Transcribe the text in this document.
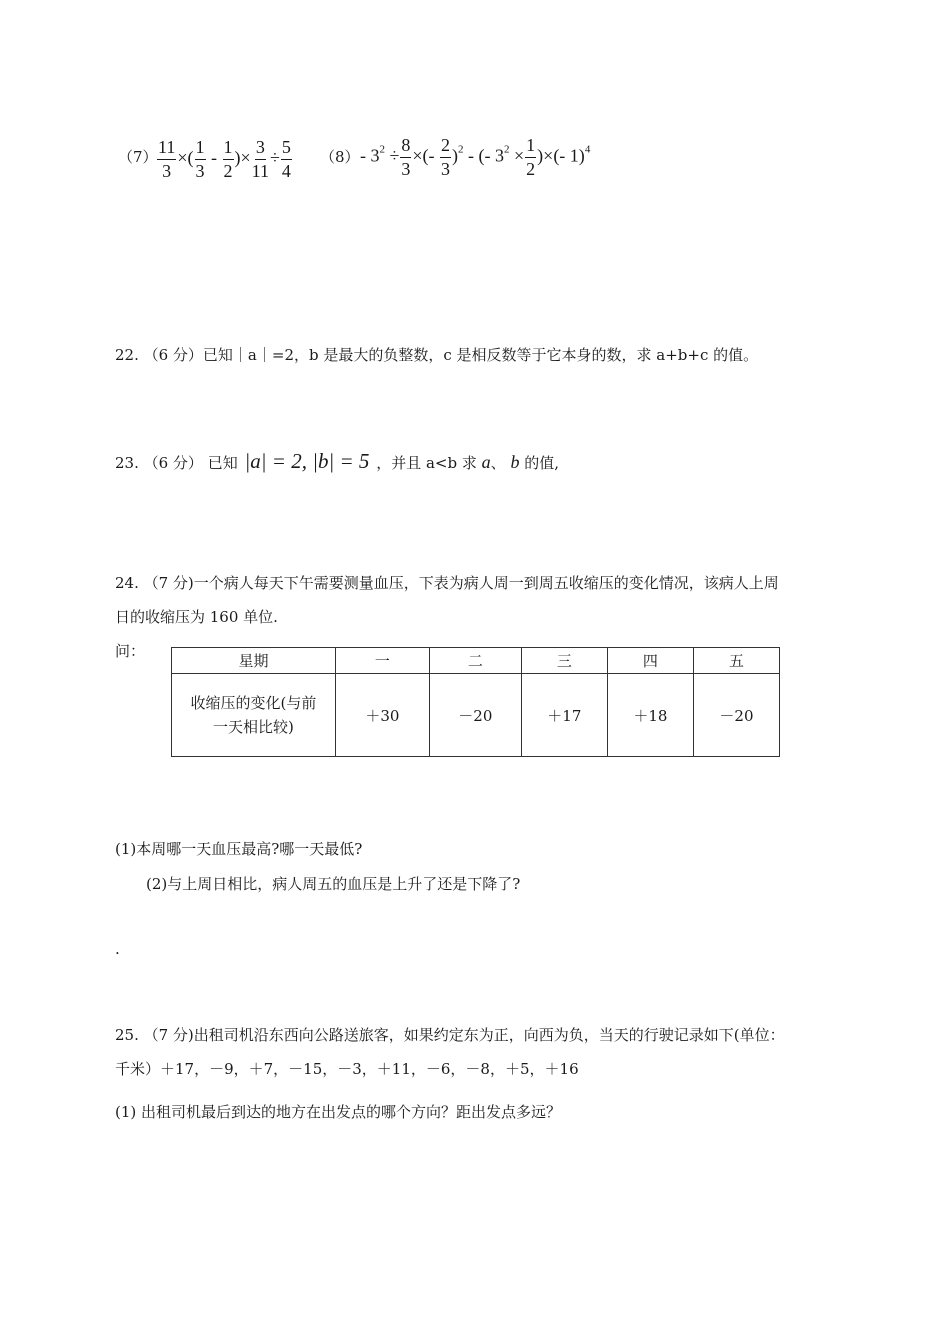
$(7) \frac{11}{3}$ ×( $\frac{1}{3} - \frac{1}{2}$ )× $\frac{3}{11} \div \frac{5}{4} (8) - 3^2 \div \frac{8}{3}$ ×(- $\frac{2}{3} )^2$ - (- $3^2 \times \frac{1}{2}$ )×(- 1)$^4$
22. （6 分）已知｜a｜=2，b 是最大的负整数，c 是相反数等于它本身的数，求 a+b+c 的值。
23. （6 分） 已知 |a| = 2, |b| = 5 ，并且 a<b 求 a、 b 的值,
24. （7 分)一个病人每天下午需要测量血压，下表为病人周一到周五收缩压的变化情况，该病人上周
日的收缩压为 160 单位.
问：
星期	一	二	三	四	五

收缩压的变化(与前
一天相比较)	＋30	－20	＋17	＋18	－20
(1)本周哪一天血压最高?哪一天最低?
(2)与上周日相比，病人周五的血压是上升了还是下降了?
.
25. （7 分)出租司机沿东西向公路送旅客，如果约定东为正，向西为负，当天的行驶记录如下(单位：
千米）＋17，－9，＋7，－15，－3，＋11，－6，－8，＋5，＋16
(1) 出租司机最后到达的地方在出发点的哪个方向？距出发点多远？
